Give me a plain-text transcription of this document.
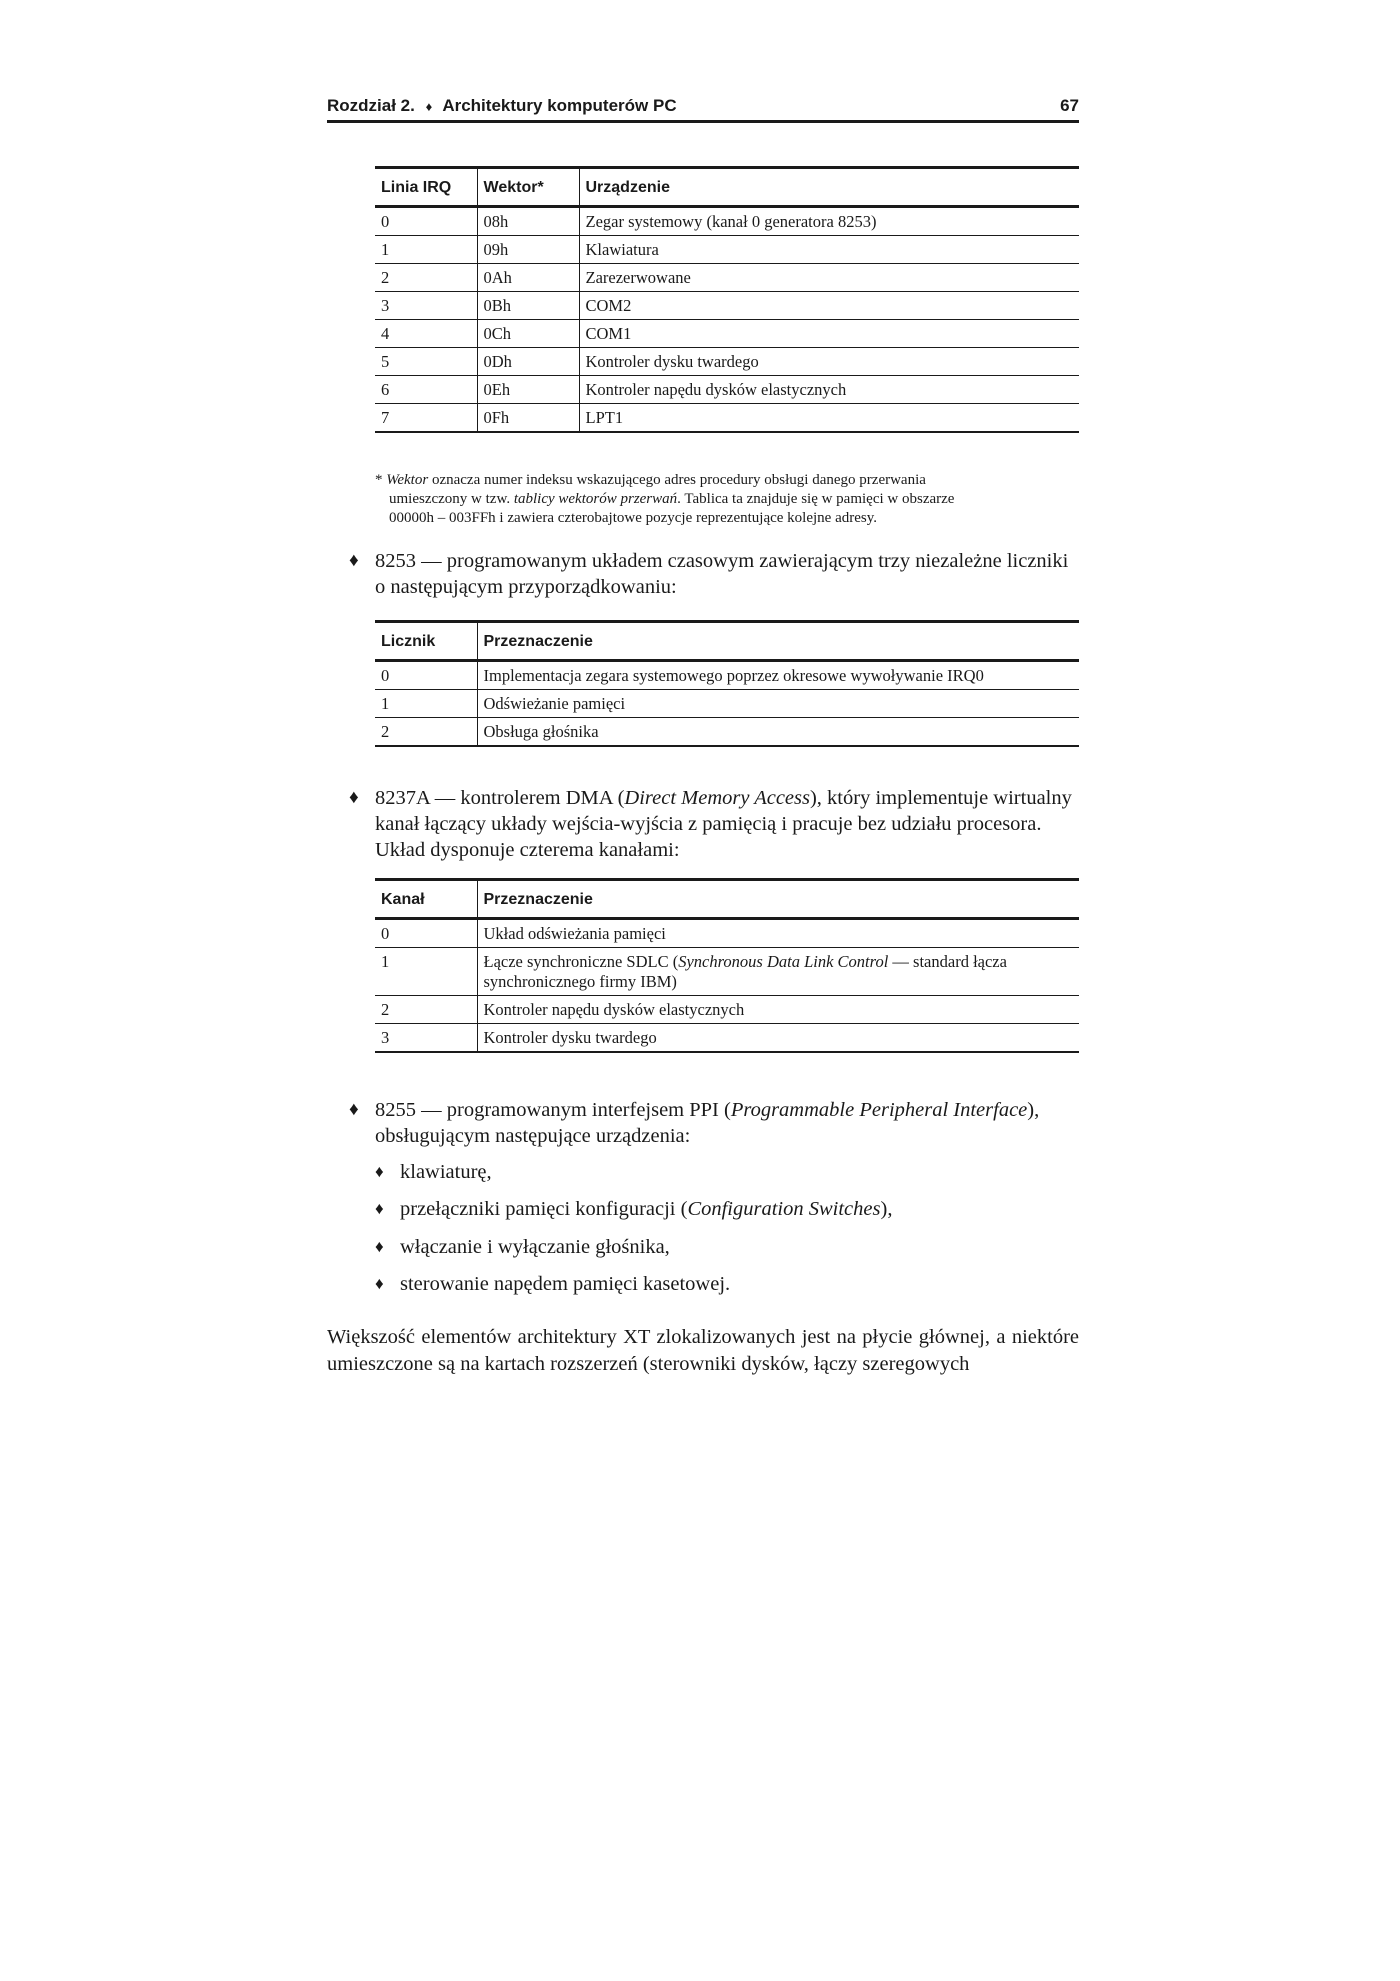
Rozdział 2. ♦ Architektury komputerów PC	67
Linia IRQ	Wektor*	Urządzenie
0	08h	Zegar systemowy (kanał 0 generatora 8253)
1	09h	Klawiatura
2	0Ah	Zarezerwowane
3	0Bh	COM2
4	0Ch	COM1
5	0Dh	Kontroler dysku twardego
6	0Eh	Kontroler napędu dysków elastycznych
7	0Fh	LPT1
* Wektor oznacza numer indeksu wskazującego adres procedury obsługi danego przerwania
umieszczony w tzw. tablicy wektorów przerwań. Tablica ta znajduje się w pamięci w obszarze
00000h – 003FFh i zawiera czterobajtowe pozycje reprezentujące kolejne adresy.
♦ 8253 — programowanym układem czasowym zawierającym trzy niezależne liczniki o następującym przyporządkowaniu:
Licznik	Przeznaczenie
0	Implementacja zegara systemowego poprzez okresowe wywoływanie IRQ0
1	Odświeżanie pamięci
2	Obsługa głośnika
♦ 8237A — kontrolerem DMA (Direct Memory Access), który implementuje wirtualny kanał łączący układy wejścia-wyjścia z pamięcią i pracuje bez udziału procesora. Układ dysponuje czterema kanałami:
Kanał	Przeznaczenie
0	Układ odświeżania pamięci
1	Łącze synchroniczne SDLC (Synchronous Data Link Control — standard łącza synchronicznego firmy IBM)
2	Kontroler napędu dysków elastycznych
3	Kontroler dysku twardego
♦ 8255 — programowanym interfejsem PPI (Programmable Peripheral Interface), obsługującym następujące urządzenia:
♦ klawiaturę,
♦ przełączniki pamięci konfiguracji (Configuration Switches),
♦ włączanie i wyłączanie głośnika,
♦ sterowanie napędem pamięci kasetowej.
Większość elementów architektury XT zlokalizowanych jest na płycie głównej, a niektóre umieszczone są na kartach rozszerzeń (sterowniki dysków, łączy szeregowych
